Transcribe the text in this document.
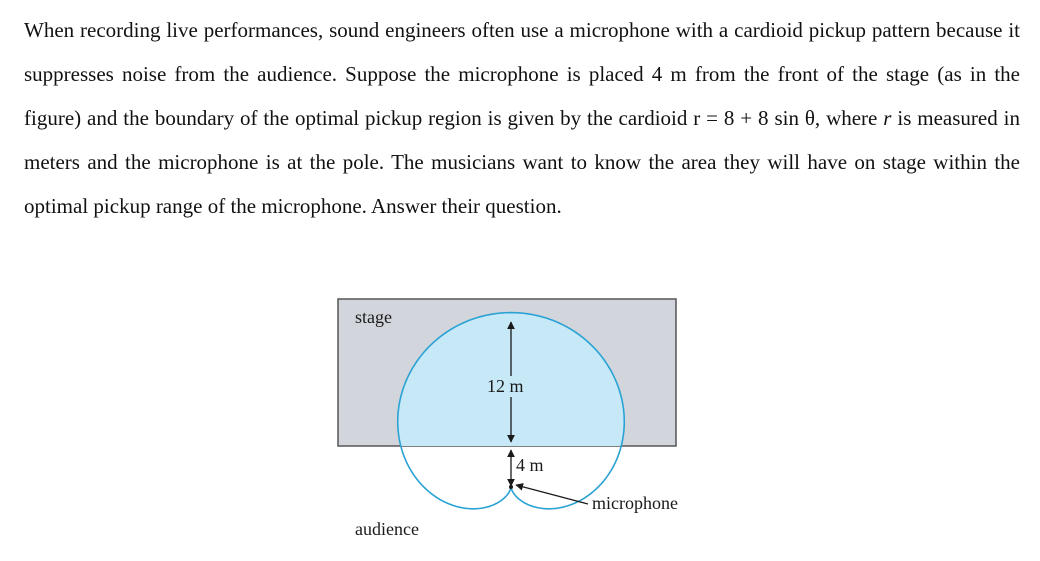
When recording live performances, sound engineers often use a microphone with a cardioid pickup pattern because it suppresses noise from the audience. Suppose the microphone is placed 4 m from the front of the stage (as in the figure) and the boundary of the optimal pickup region is given by the cardioid r = 8 + 8 sin θ, where r is measured in meters and the microphone is at the pole. The musicians want to know the area they will have on stage within the optimal pickup range of the microphone. Answer their question.

stage
12 m
4 m
microphone
audience
